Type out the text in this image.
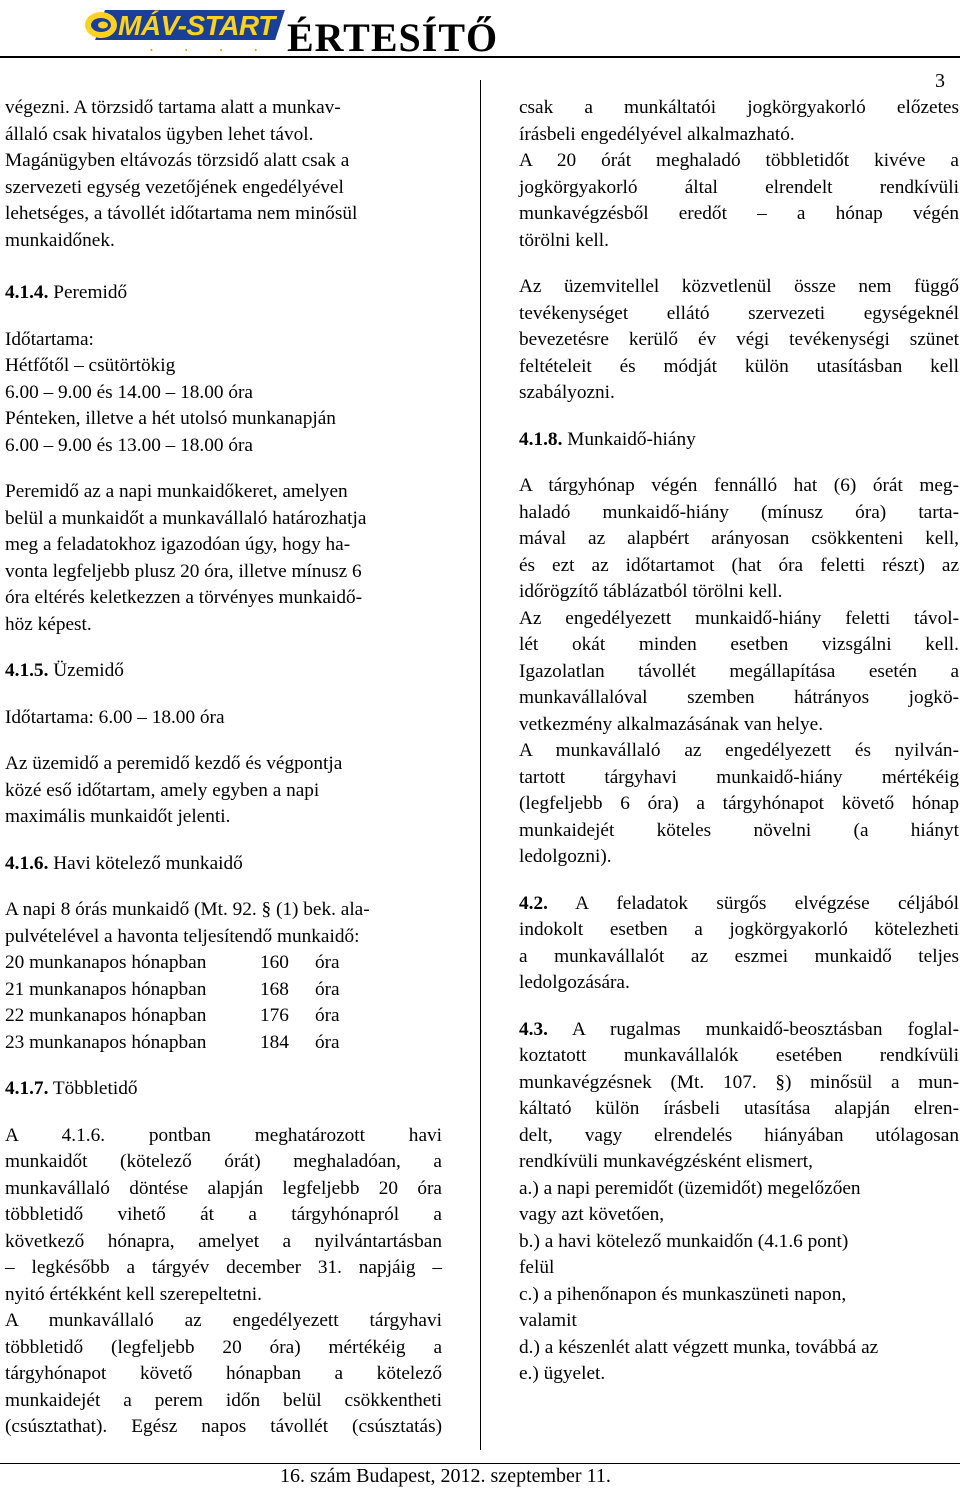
MÁV-START
••••
ÉRTESÍTŐ
3

végezni. A törzsidő tartama alatt a munkav-
állaló csak hivatalos ügyben lehet távol.
Magánügyben eltávozás törzsidő alatt csak a
szervezeti egység vezetőjének engedélyével
lehetséges, a távollét időtartama nem minősül
munkaidőnek.

4.1.4. Peremidő

Időtartama:
Hétfőtől – csütörtökig
6.00 – 9.00 és 14.00 – 18.00 óra
Pénteken, illetve a hét utolsó munkanapján
6.00 – 9.00 és 13.00 – 18.00 óra

Peremidő az a napi munkaidőkeret, amelyen
belül a munkaidőt a munkavállaló határozhatja
meg a feladatokhoz igazodóan úgy, hogy ha-
vonta legfeljebb plusz 20 óra, illetve mínusz 6
óra eltérés keletkezzen a törvényes munkaidő-
höz képest.

4.1.5. Üzemidő

Időtartama: 6.00 – 18.00 óra

Az üzemidő a peremidő kezdő és végpontja
közé eső időtartam, amely egyben a napi
maximális munkaidőt jelenti.

4.1.6. Havi kötelező munkaidő

A napi 8 órás munkaidő (Mt. 92. § (1) bek. ala-
pulvételével a havonta teljesítendő munkaidő:

20 munkanapos hónapban	160	óra
21 munkanapos hónapban	168	óra
22 munkanapos hónapban	176	óra
23 munkanapos hónapban	184	óra

4.1.7. Többletidő

A 4.1.6. pontban meghatározott havi
munkaidőt (kötelező órát) meghaladóan, a
munkavállaló döntése alapján legfeljebb 20 óra
többletidő vihető át a tárgyhónapról a
következő hónapra, amelyet a nyilvántartásban
– legkésőbb a tárgyév december 31. napjáig –
nyitó értékként kell szerepeltetni.

A munkavállaló az engedélyezett tárgyhavi
többletidő (legfeljebb 20 óra) mértékéig a
tárgyhónapot követő hónapban a kötelező
munkaidejét a perem időn belül csökkentheti
(csúsztathat). Egész napos távollét (csúsztatás)

csak a munkáltatói jogkörgyakorló előzetes
írásbeli engedélyével alkalmazható.
A 20 órát meghaladó többletidőt kivéve a
jogkörgyakorló által elrendelt rendkívüli
munkavégzésből eredőt – a hónap végén
törölni kell.

Az üzemvitellel közvetlenül össze nem függő
tevékenységet ellátó szervezeti egységeknél
bevezetésre kerülő év végi tevékenységi szünet
feltételeit és módját külön utasításban kell
szabályozni.

4.1.8. Munkaidő-hiány

A tárgyhónap végén fennálló hat (6) órát meg-
haladó munkaidő-hiány (mínusz óra) tarta-
mával az alapbért arányosan csökkenteni kell,
és ezt az időtartamot (hat óra feletti részt) az
időrögzítő táblázatból törölni kell.

Az engedélyezett munkaidő-hiány feletti távol-
lét okát minden esetben vizsgálni kell.
Igazolatlan távollét megállapítása esetén a
munkavállalóval szemben hátrányos jogkö-
vetkezmény alkalmazásának van helye.

A munkavállaló az engedélyezett és nyilván-
tartott tárgyhavi munkaidő-hiány mértékéig
(legfeljebb 6 óra) a tárgyhónapot követő hónap
munkaidejét köteles növelni (a hiányt
ledolgozni).

4.2. A feladatok sürgős elvégzése céljából
indokolt esetben a jogkörgyakorló kötelezheti
a munkavállalót az eszmei munkaidő teljes
ledolgozására.

4.3. A rugalmas munkaidő-beosztásban foglal-
koztatott munkavállalók esetében rendkívüli
munkavégzésnek (Mt. 107. §) minősül a mun-
káltató külön írásbeli utasítása alapján elren-
delt, vagy elrendelés hiányában utólagosan
rendkívüli munkavégzésként elismert,

a.) a napi peremidőt (üzemidőt) megelőzően
vagy azt követően,
b.) a havi kötelező munkaidőn (4.1.6 pont)
felül
c.) a pihenőnapon és munkaszüneti napon,
valamit
d.) a készenlét alatt végzett munka, továbbá az
e.) ügyelet.

16. szám Budapest, 2012. szeptember 11.
